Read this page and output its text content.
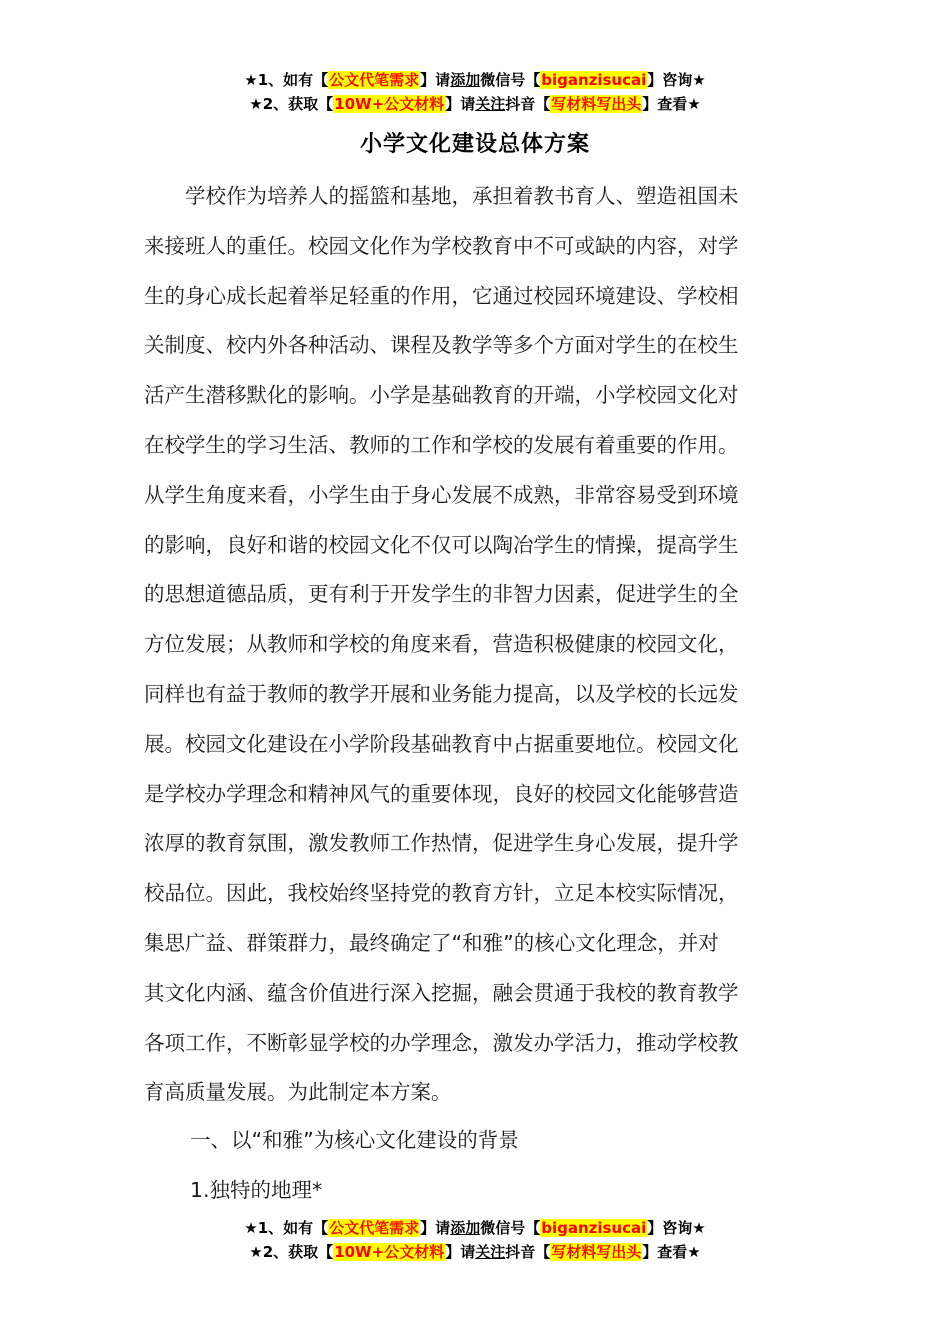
★1、如有【公文代笔需求】请添加微信号【biganzisucai】咨询★
★2、获取【10W+公文材料】请关注抖音【写材料写出头】查看★
小学文化建设总体方案
　　学校作为培养人的摇篮和基地，承担着教书育人、塑造祖国未
来接班人的重任。校园文化作为学校教育中不可或缺的内容，对学
生的身心成长起着举足轻重的作用，它通过校园环境建设、学校相
关制度、校内外各种活动、课程及教学等多个方面对学生的在校生
活产生潜移默化的影响。小学是基础教育的开端，小学校园文化对
在校学生的学习生活、教师的工作和学校的发展有着重要的作用。
从学生角度来看，小学生由于身心发展不成熟，非常容易受到环境
的影响，良好和谐的校园文化不仅可以陶冶学生的情操，提高学生
的思想道德品质，更有利于开发学生的非智力因素，促进学生的全
方位发展；从教师和学校的角度来看，营造积极健康的校园文化，
同样也有益于教师的教学开展和业务能力提高，以及学校的长远发
展。校园文化建设在小学阶段基础教育中占据重要地位。校园文化
是学校办学理念和精神风气的重要体现，良好的校园文化能够营造
浓厚的教育氛围，激发教师工作热情，促进学生身心发展，提升学
校品位。因此，我校始终坚持党的教育方针，立足本校实际情况，
集思广益、群策群力，最终确定了“和雅”的核心文化理念，并对
其文化内涵、蕴含价值进行深入挖掘，融会贯通于我校的教育教学
各项工作，不断彰显学校的办学理念，激发办学活力，推动学校教
育高质量发展。为此制定本方案。
一、以“和雅”为核心文化建设的背景
1.独特的地理*
★1、如有【公文代笔需求】请添加微信号【biganzisucai】咨询★
★2、获取【10W+公文材料】请关注抖音【写材料写出头】查看★
